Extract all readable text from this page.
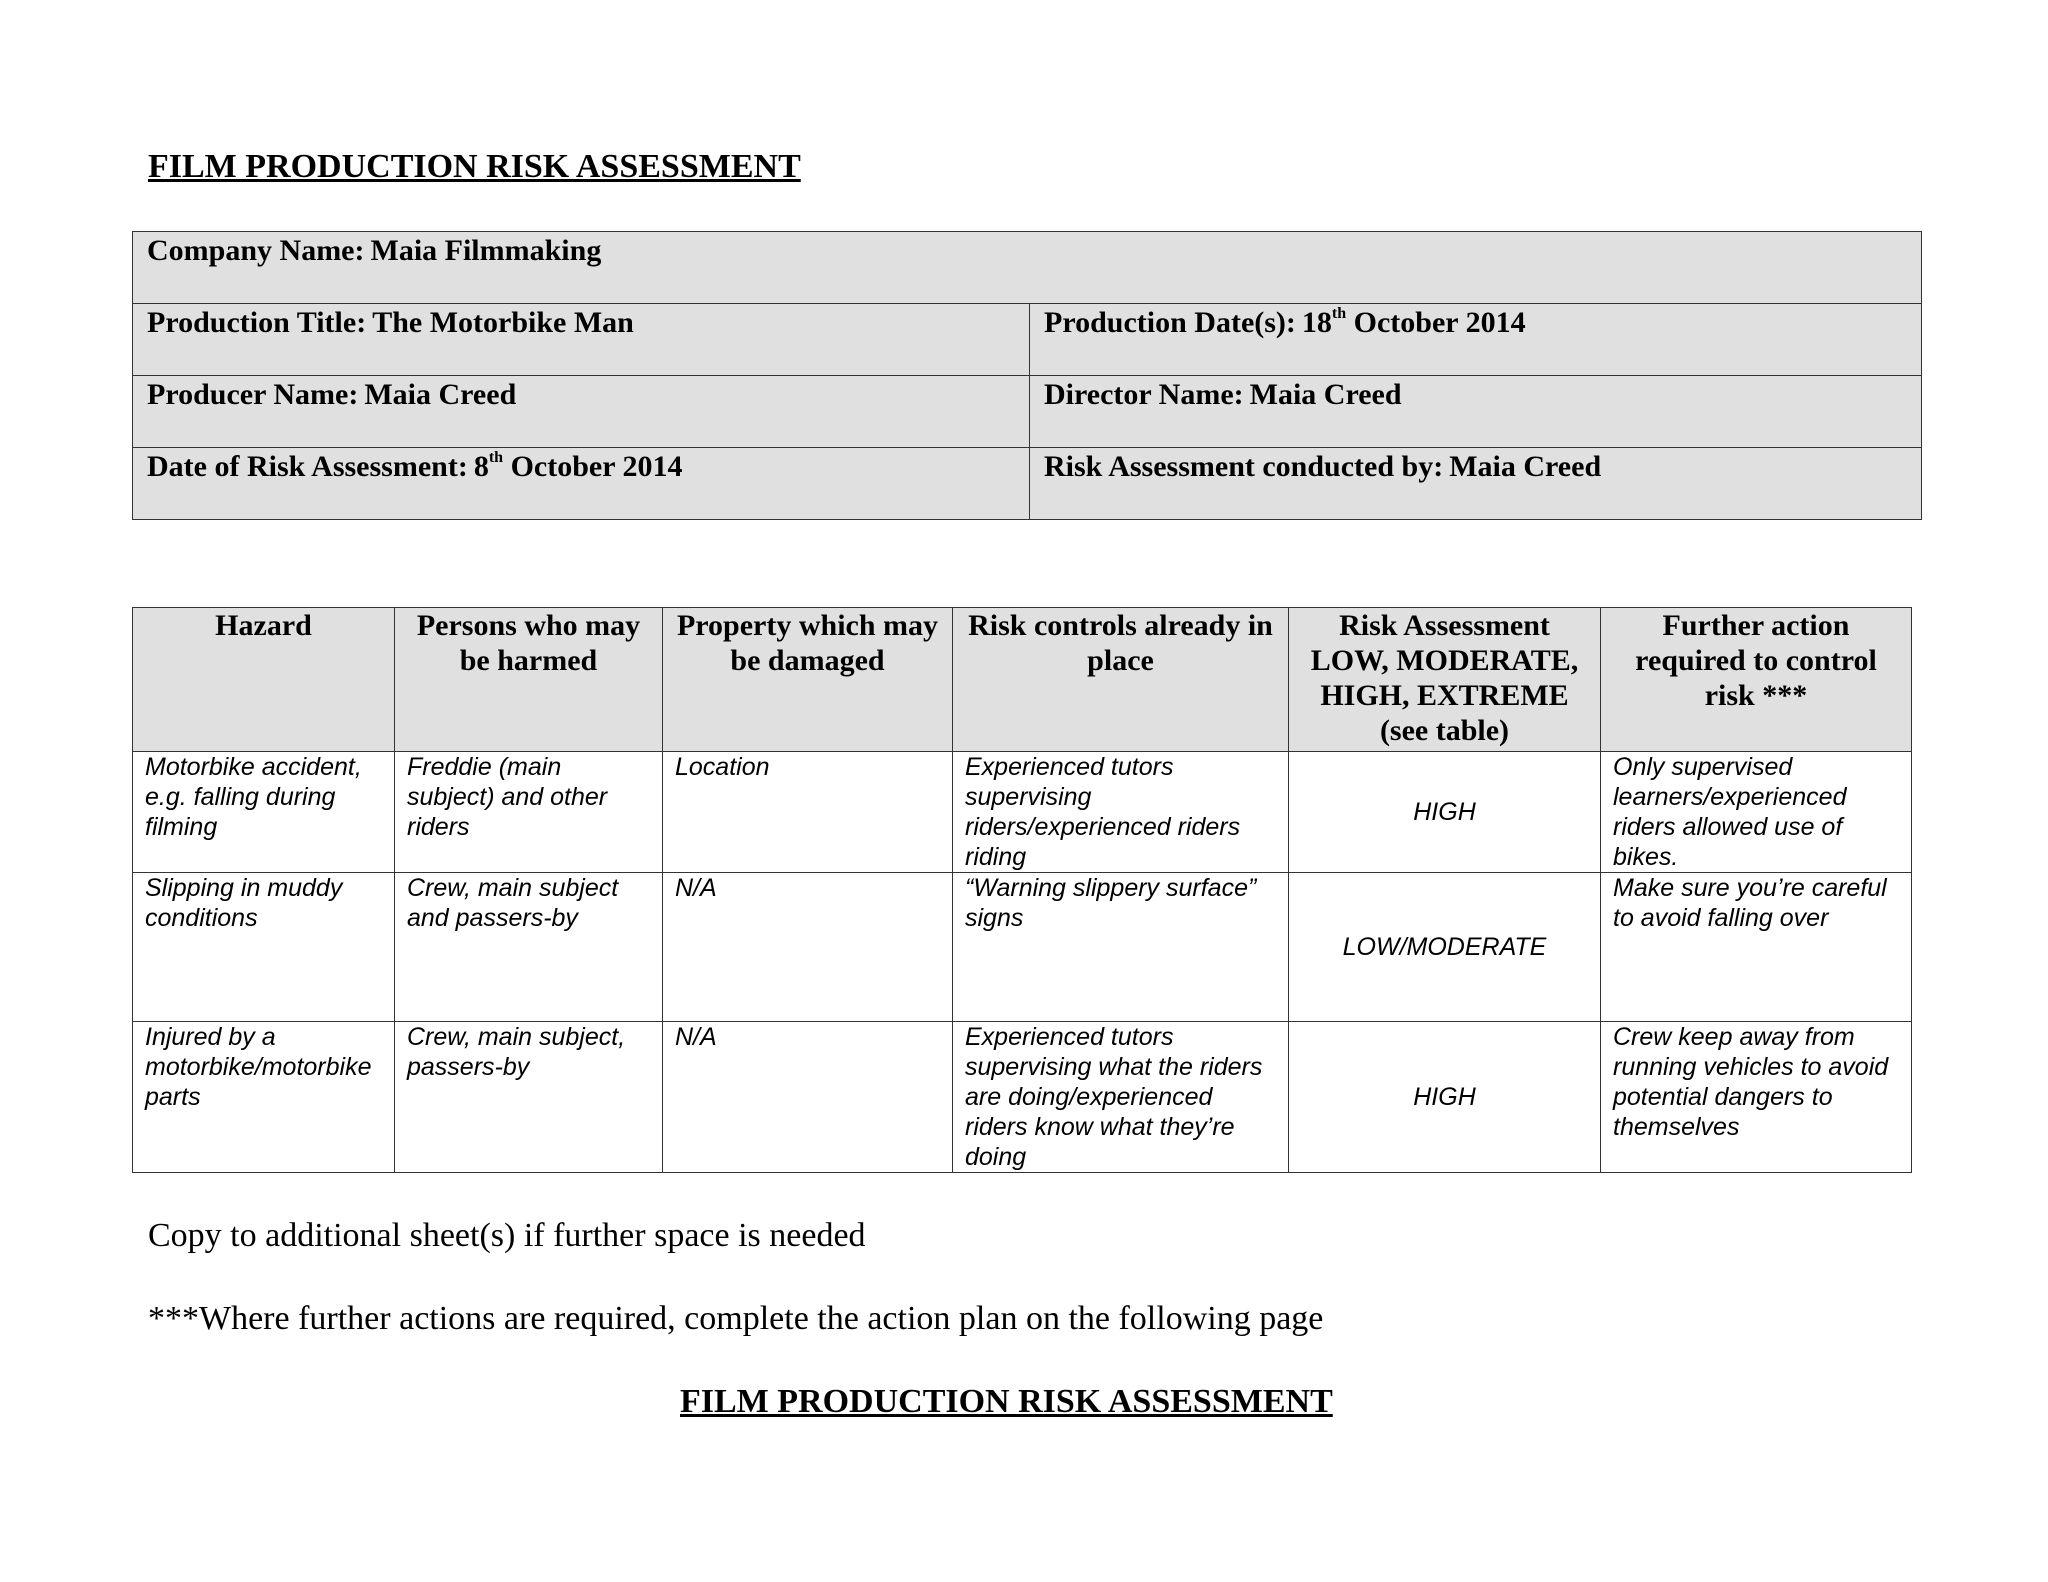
FILM PRODUCTION RISK ASSESSMENT
Company Name: Maia Filmmaking	

Production Title: The Motorbike Man	Production Date(s): 18th October 2014

Producer Name: Maia Creed	Director Name: Maia Creed

Date of Risk Assessment: 8th October 2014	Risk Assessment conducted by: Maia Creed
Hazard	Persons who may be harmed	Property which may be damaged	Risk controls already in place	Risk Assessment LOW, MODERATE, HIGH, EXTREME (see table)	Further action required to control risk ***
Motorbike accident, e.g. falling during filming	Freddie (main subject) and other riders	Location	Experienced tutors supervising riders/experienced riders riding	HIGH	Only supervised learners/experienced riders allowed use of bikes.
Slipping in muddy conditions	Crew, main subject and passers-by	N/A	“Warning slippery surface” signs	LOW/MODERATE	Make sure you’re careful to avoid falling over
Injured by a motorbike/motorbike parts	Crew, main subject, passers-by	N/A	Experienced tutors supervising what the riders are doing/experienced riders know what they’re doing	HIGH	Crew keep away from running vehicles to avoid potential dangers to themselves
Copy to additional sheet(s) if further space is needed
***Where further actions are required, complete the action plan on the following page
FILM PRODUCTION RISK ASSESSMENT
